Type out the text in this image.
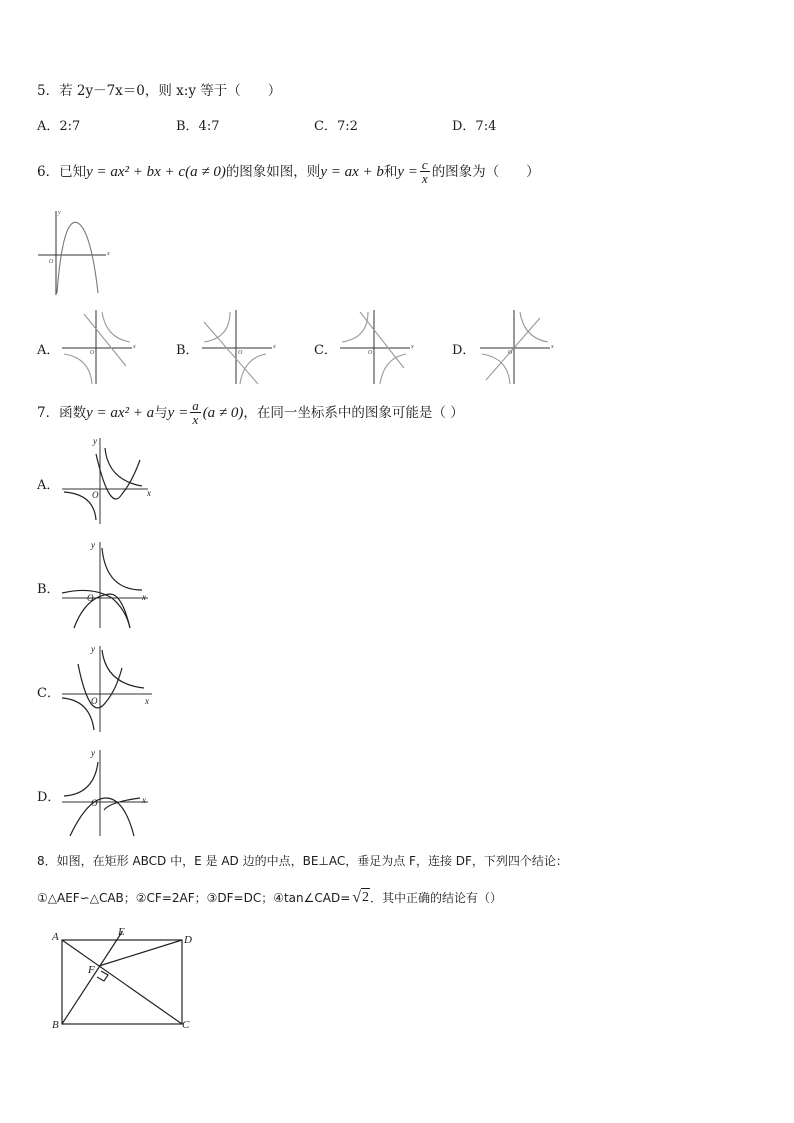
5．若 2y－7x＝0，则 x:y 等于（　　）
A．2:7	B．4:7	C．7:2	D．7:4
6．已知 y = ax² + bx + c(a ≠ 0) 的图象如图，则 y = ax + b 和 $y = \frac{c}{x}$ 的图象为（　　）
x
y
O
A．	B．	C．	D．
x
O
x
O
x
O
x
O
7．函数 y = ax² + a 与 $y = \frac{a}{x} (a \ne 0)$ ，在同一坐标系中的图象可能是（ ）
A．
B．
C．
D．
x
y
O
x
y
O
x
y
O
x
y
O
8．如图，在矩形 ABCD 中，E 是 AD 边的中点，BE⊥AC，垂足为点 F，连接 DF，下列四个结论：
①△AEF∽△CAB；②CF=2AF；③DF=DC；④tan∠CAD= √ 2 ．其中正确的结论有（）
A	E
D
F
B	C
